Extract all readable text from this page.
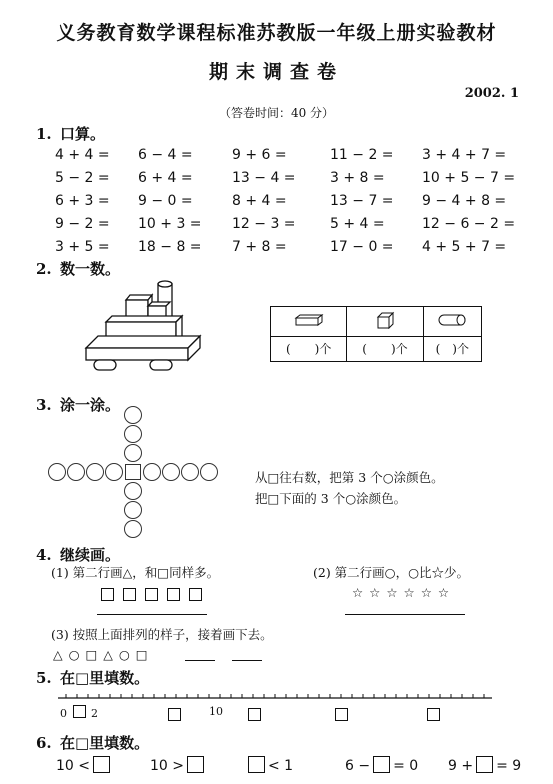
义务教育数学课程标准苏教版一年级上册实验教材
期末调查卷
2002. 1
（答卷时间：40 分）
1. 口算。
4 + 4 = 6 − 4 =	9 + 6 =	11 − 2 = 3 + 4 + 7 =
5 − 2 = 6 + 4 =	13 − 4 = 3 + 8 =	10 + 5 − 7 =
6 + 3 = 9 − 0 =	8 + 4 =	13 − 7 = 9 − 4 + 8 =
9 − 2 = 10 + 3 = 12 − 3 = 5 + 4 =	12 − 6 − 2 =
3 + 5 = 18 − 8 = 7 + 8 =	17 − 0 = 4 + 5 + 7 =
2. 数一数。

(　　)个	(　　)个	(　)个
3. 涂一涂。
从□往右数，把第 3 个○涂颜色。
把□下面的 3 个○涂颜色。
4. 继续画。
(1) 第二行画△，和□同样多。	(2) 第二行画○，○比☆少。
☆ ☆ ☆ ☆ ☆ ☆
(3) 按照上面排列的样子，接着画下去。
△ ○ □ △ ○ □
5. 在□里填数。
0 2	10
6. 在□里填数。
10 <	10 >	< 1	6 − = 0 9 + = 9
